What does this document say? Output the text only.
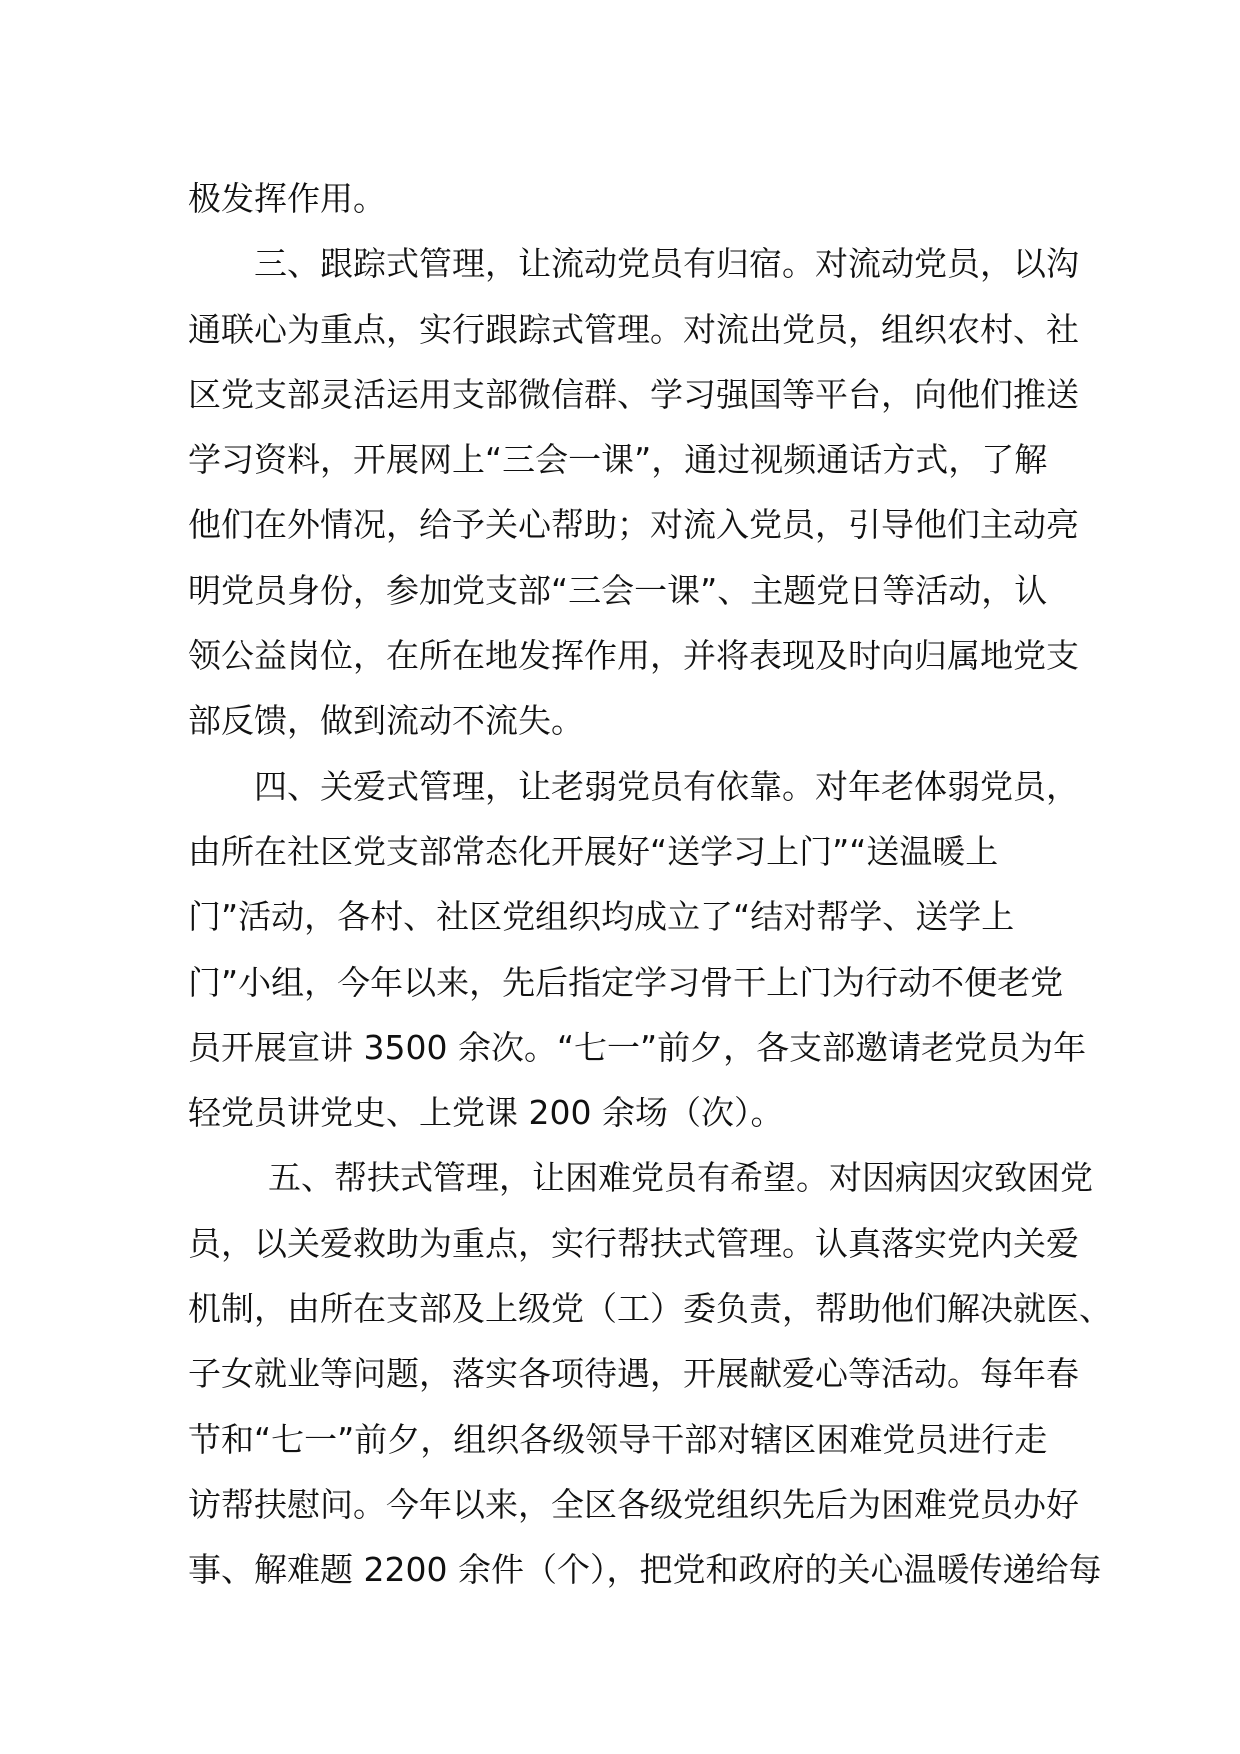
极发挥作用。
三、跟踪式管理，让流动党员有归宿。对流动党员，以沟
通联心为重点，实行跟踪式管理。对流出党员，组织农村、社
区党支部灵活运用支部微信群、学习强国等平台，向他们推送
学习资料，开展网上“三会一课”，通过视频通话方式，了解
他们在外情况，给予关心帮助；对流入党员，引导他们主动亮
明党员身份，参加党支部“三会一课”、主题党日等活动，认
领公益岗位，在所在地发挥作用，并将表现及时向归属地党支
部反馈，做到流动不流失。
四、关爱式管理，让老弱党员有依靠。对年老体弱党员，
由所在社区党支部常态化开展好“送学习上门”“送温暖上
门”活动，各村、社区党组织均成立了“结对帮学、送学上
门”小组，今年以来，先后指定学习骨干上门为行动不便老党
员开展宣讲 3500 余次。“七一”前夕，各支部邀请老党员为年
轻党员讲党史、上党课 200 余场（次）。
五、帮扶式管理，让困难党员有希望。对因病因灾致困党
员，以关爱救助为重点，实行帮扶式管理。认真落实党内关爱
机制，由所在支部及上级党（工）委负责，帮助他们解决就医、
子女就业等问题，落实各项待遇，开展献爱心等活动。每年春
节和“七一”前夕，组织各级领导干部对辖区困难党员进行走
访帮扶慰问。今年以来，全区各级党组织先后为困难党员办好
事、解难题 2200 余件（个），把党和政府的关心温暖传递给每
